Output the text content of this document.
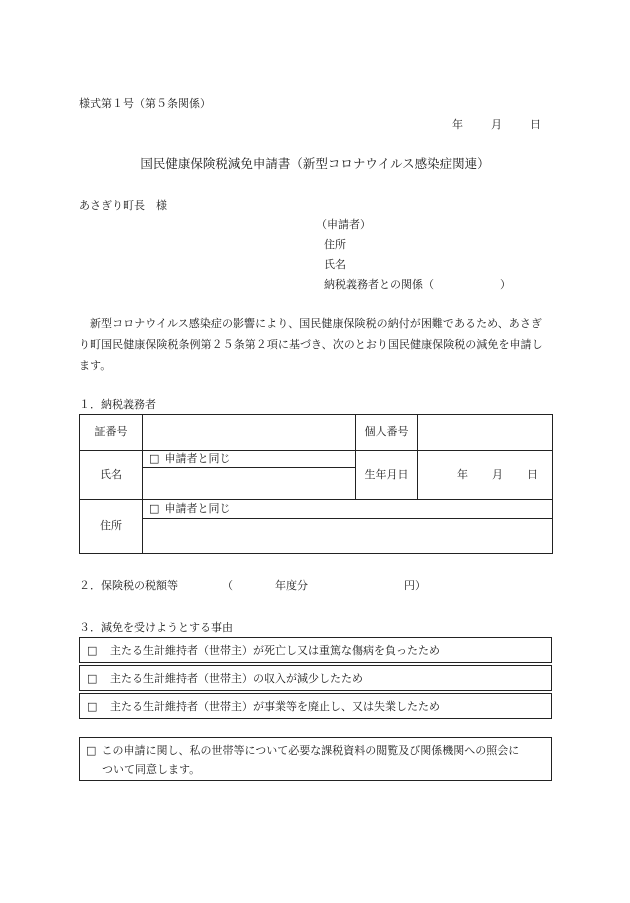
様式第１号（第５条関係）
年	月	日
国民健康保険税減免申請書（新型コロナウイルス感染症関連）
あさぎり町長　様
（申請者）
住所
氏名
納税義務者との関係（　　　　　　）
新型コロナウイルス感染症の影響により、国民健康保険税の納付が困難であるため、あさぎり町国民健康保険税条例第２５条第２項に基づき、次のとおり国民健康保険税の減免を申請します。
１．納税義務者
証番号		個人番号	
氏名	□ 申請者と同じ	生年月日	年 月 日

住所	□ 申請者と同じ		

２．保険税の税額等	（	年度分	円）
３．減免を受けようとする事由
□　 主たる生計維持者（世帯主）が死亡し又は重篤な傷病を負ったため
□　 主たる生計維持者（世帯主）の収入が減少したため
□　 主たる生計維持者（世帯主）が事業等を廃止し、又は失業したため
□ この申請に関し、私の世帯等について必要な課税資料の閲覧及び関係機関への照会に
ついて同意します。
